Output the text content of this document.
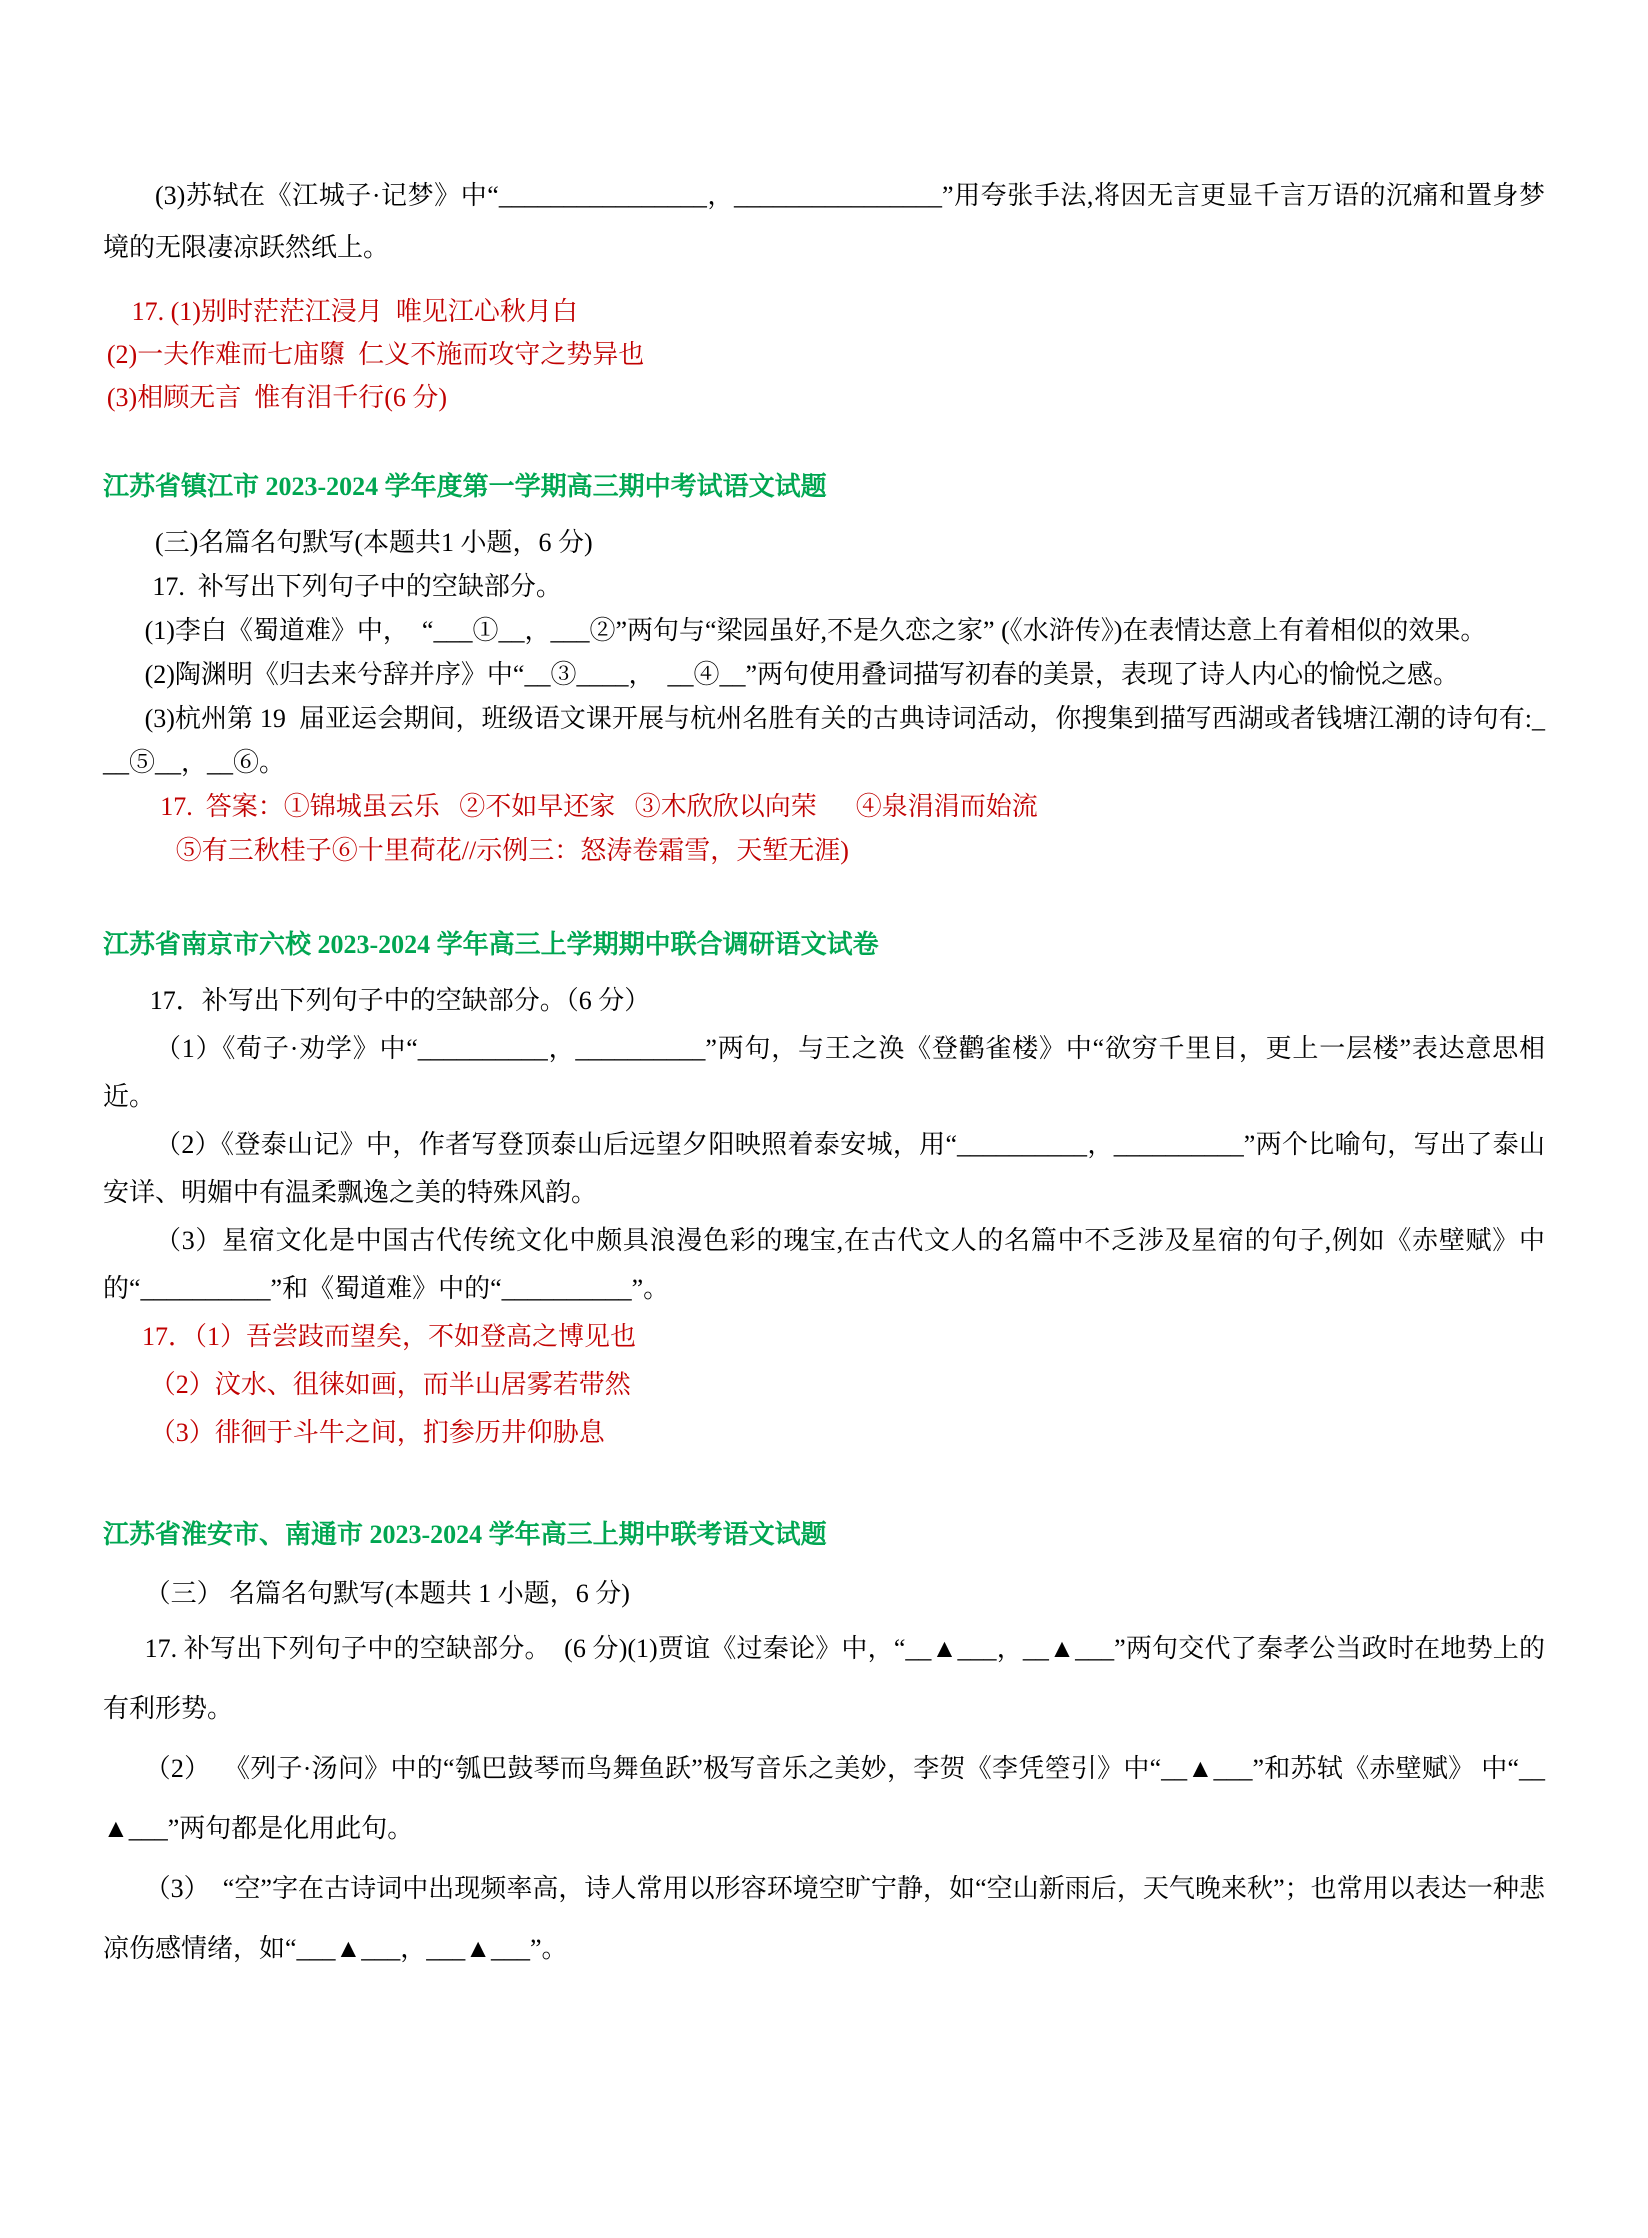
(3)苏轼在《江城子·记梦》中“________________，________________”用夸张手法,将因无言更显千言万语的沉痛和置身梦境的无限凄凉跃然纸上。
17. (1)别时茫茫江浸月  唯见江心秋月白
(2)一夫作难而七庙隳  仁义不施而攻守之势异也
(3)相顾无言  惟有泪千行(6 分)
江苏省镇江市 2023-2024 学年度第一学期高三期中考试语文试题
(三)名篇名句默写(本题共1 小题，6 分)
17.  补写出下列句子中的空缺部分。
(1)李白《蜀道难》中，  “___①__，___②”两句与“梁园虽好,不是久恋之家” (《水浒传》)在表情达意上有着相似的效果。
(2)陶渊明《归去来兮辞并序》中“__③____，  __④__”两句使用叠词描写初春的美景，表现了诗人内心的愉悦之感。
(3)杭州第 19  届亚运会期间，班级语文课开展与杭州名胜有关的古典诗词活动，你搜集到描写西湖或者钱塘江潮的诗句有:___⑤__，__⑥。
17.  答案：①锦城虽云乐   ②不如早还家   ③木欣欣以向荣      ④泉涓涓而始流
⑤有三秋桂子⑥十里荷花//示例三：怒涛卷霜雪，天堑无涯)
江苏省南京市六校 2023-2024 学年高三上学期期中联合调研语文试卷
17．补写出下列句子中的空缺部分。（6 分）
（1）《荀子·劝学》中“__________，__________”两句，与王之涣《登鹳雀楼》中“欲穷千里目，更上一层楼”表达意思相近。
（2）《登泰山记》中，作者写登顶泰山后远望夕阳映照着泰安城，用“__________，__________”两个比喻句，写出了泰山安详、明媚中有温柔飘逸之美的特殊风韵。
（3）星宿文化是中国古代传统文化中颇具浪漫色彩的瑰宝,在古代文人的名篇中不乏涉及星宿的句子,例如《赤壁赋》中的“__________”和《蜀道难》中的“__________”。
17．（1）吾尝跂而望矣，不如登高之博见也
（2）汶水、徂徕如画，而半山居雾若带然
（3）徘徊于斗牛之间，扪参历井仰胁息
江苏省淮安市、南通市 2023-2024 学年高三上期中联考语文试题
（三） 名篇名句默写(本题共 1 小题，6 分)
17. 补写出下列句子中的空缺部分。  (6 分)(1)贾谊《过秦论》中，“__▲___，__▲___”两句交代了秦孝公当政时在地势上的有利形势。
（2）  《列子·汤问》中的“瓠巴鼓琴而鸟舞鱼跃”极写音乐之美妙，李贺《李凭箜引》中“__▲___”和苏轼《赤壁赋》 中“__▲___”两句都是化用此句。
（3）  “空”字在古诗词中出现频率高，诗人常用以形容环境空旷宁静，如“空山新雨后，天气晚来秋”；也常用以表达一种悲凉伤感情绪，如“___▲___，___▲___”。
